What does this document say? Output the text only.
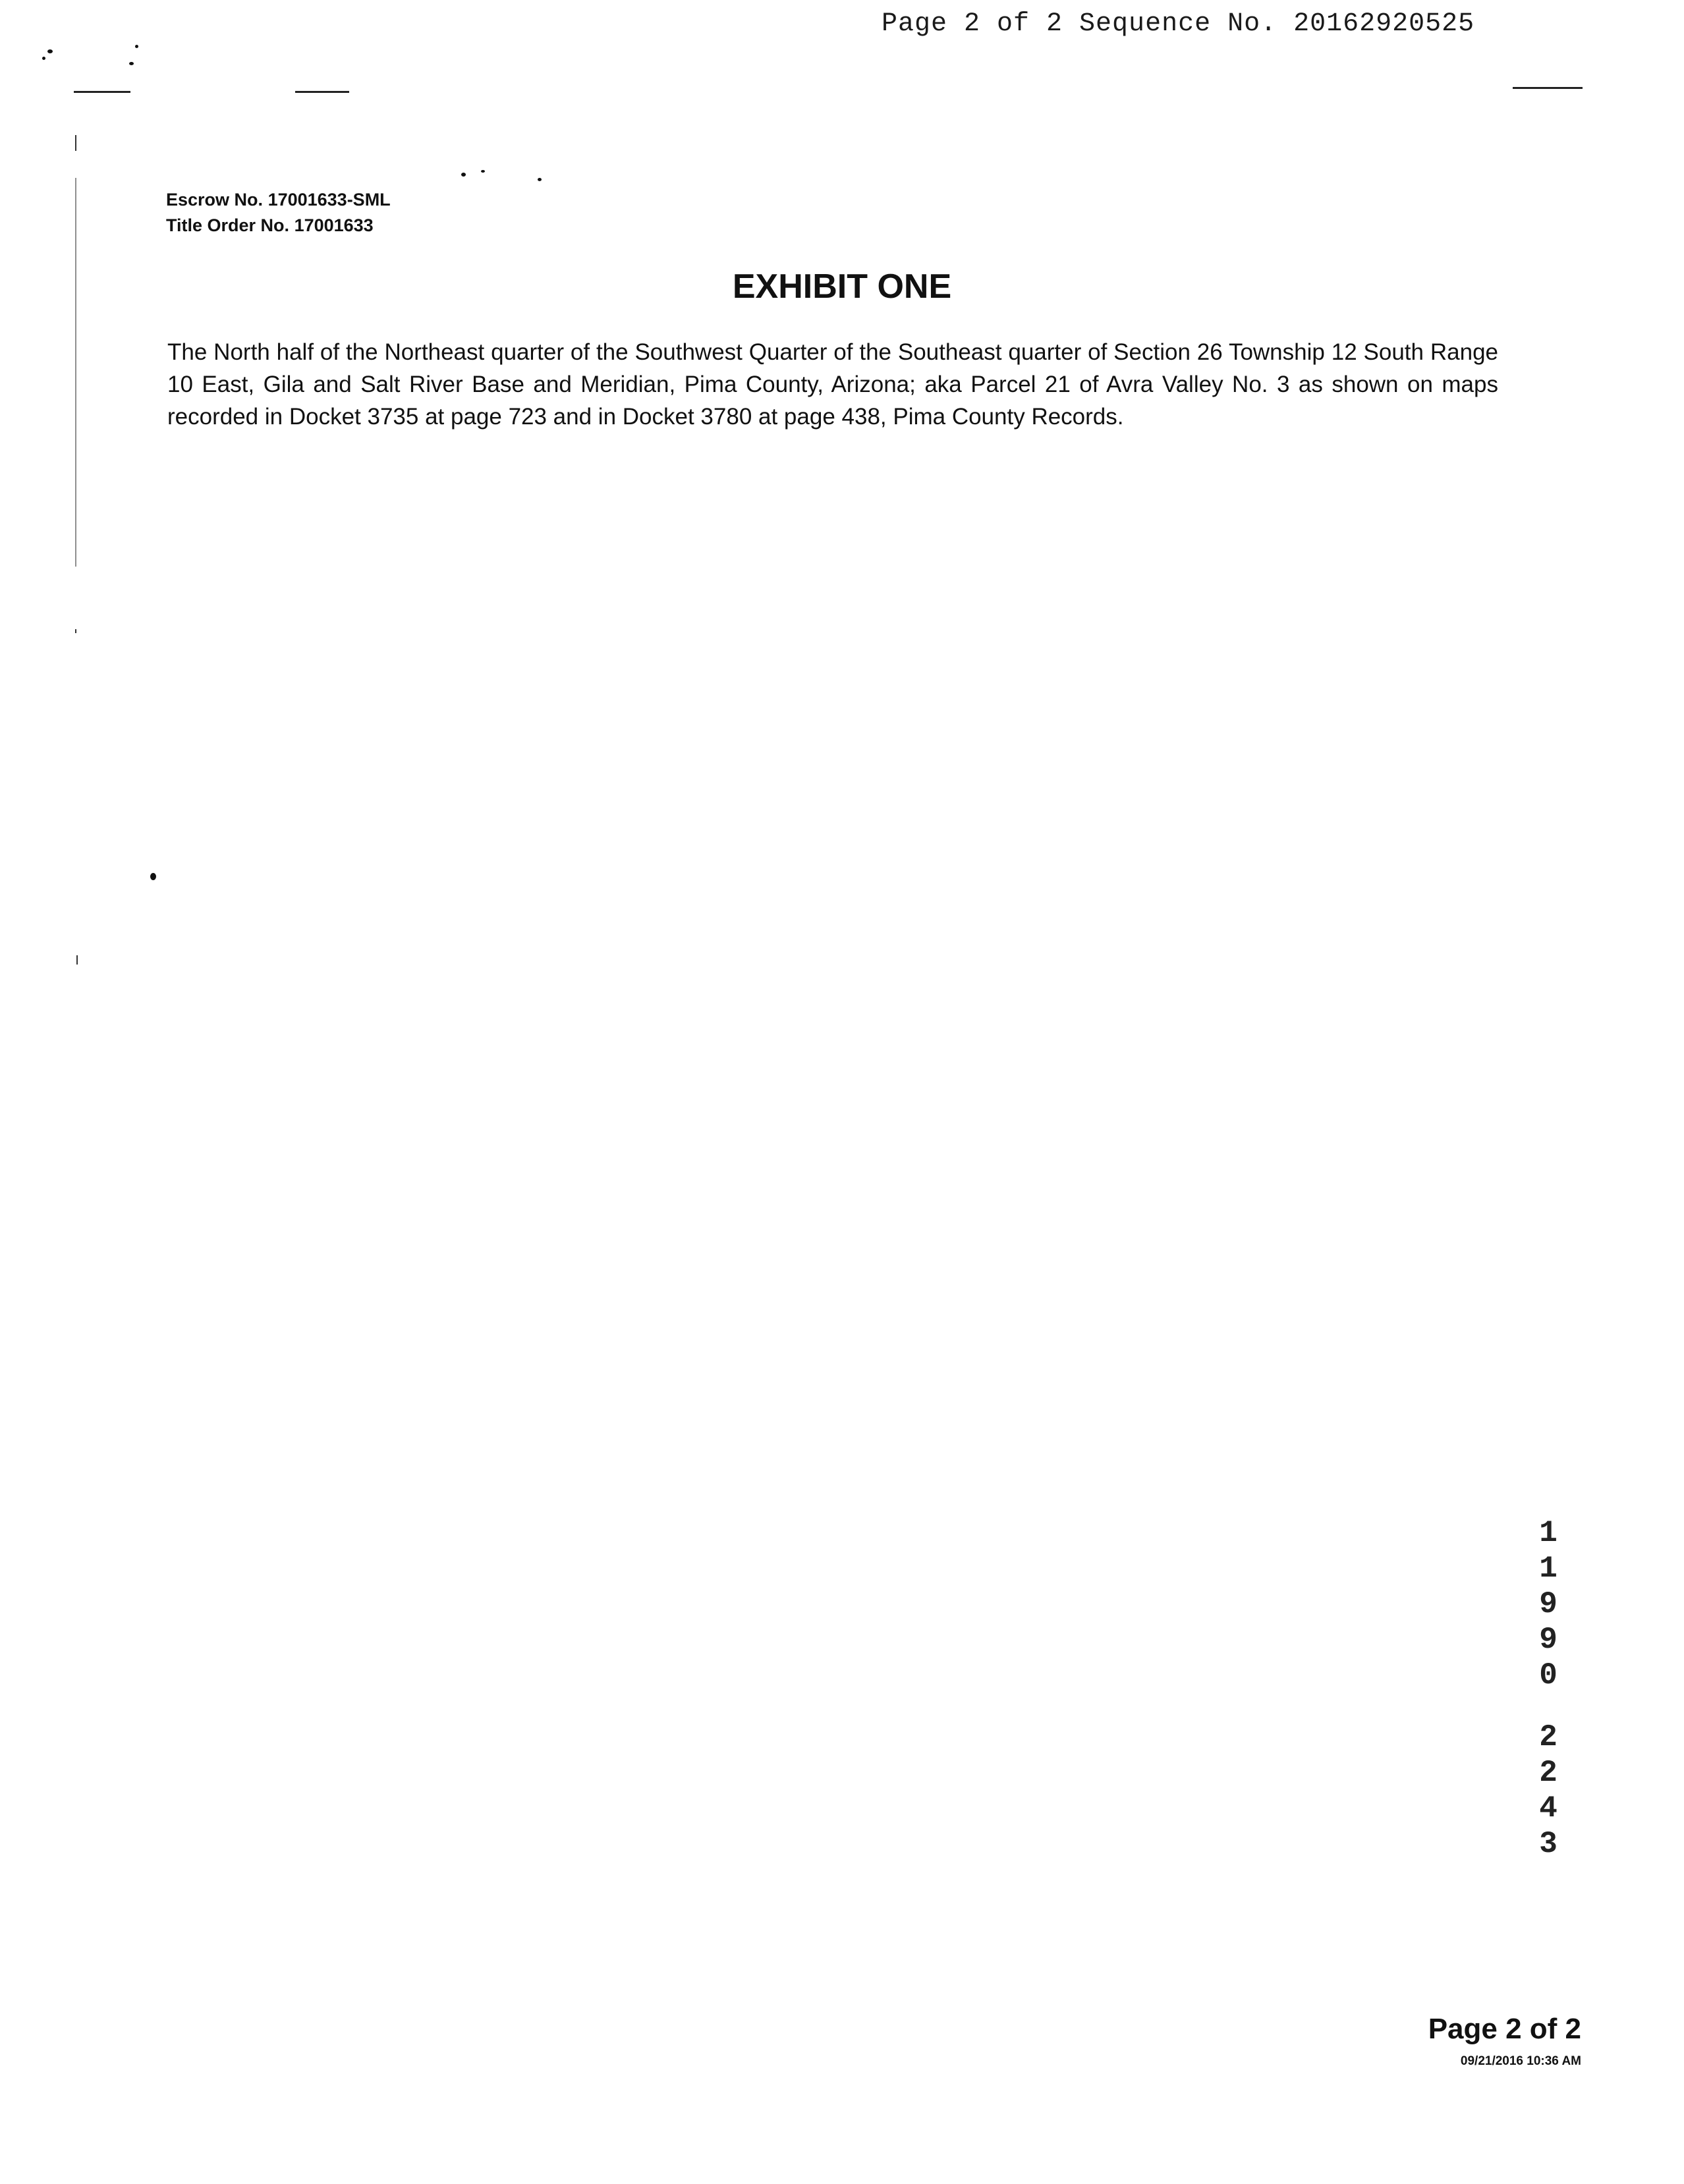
Page 2 of 2 Sequence No. 20162920525
Escrow No. 17001633-SML
Title Order No. 17001633
EXHIBIT ONE
The North half of the Northeast quarter of the Southwest Quarter of the Southeast quarter of Section 26 Township 12 South Range 10 East, Gila and Salt River Base and Meridian, Pima County, Arizona; aka Parcel 21 of Avra Valley No. 3 as shown on maps recorded in Docket 3735 at page 723 and in Docket 3780 at page 438, Pima County Records.
1
1
9
9
0
2
2
4
3
Page 2 of 2
09/21/2016 10:36 AM
